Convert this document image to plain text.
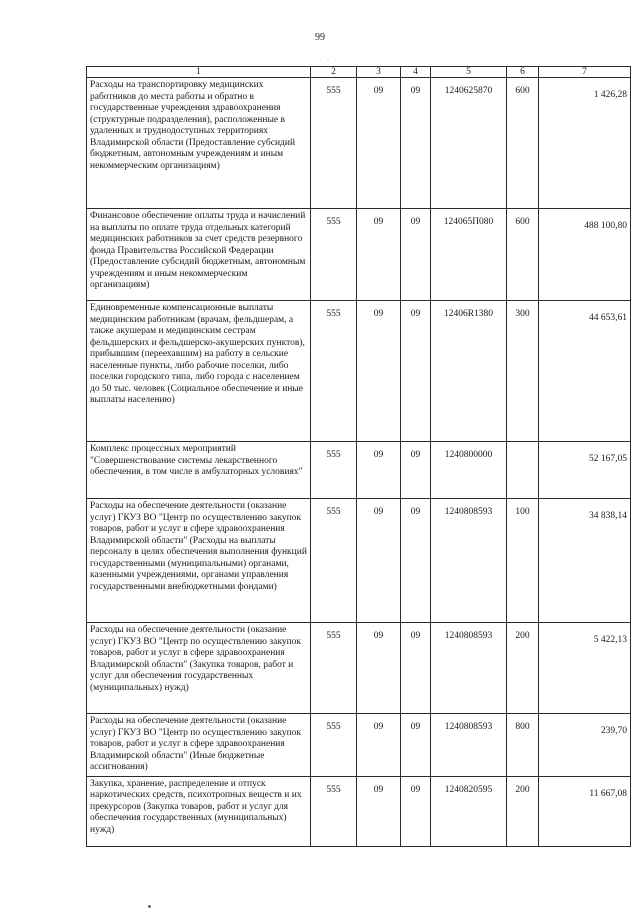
99
· · · · ·
1	2	3	4	5	6	7
Расходы на транспортировку медицинских работников до места работы и обратно в государственные учреждения здравоохранения (структурные подразделения), расположенные в удаленных и труднодоступных территориях Владимирской области (Предоставление субсидий бюджетным, автономным учреждениям и иным некоммерческим организациям)	555	09	09	1240625870	600	1 426,28
Финансовое обеспечение оплаты труда и начислений на выплаты по оплате труда отдельных категорий медицинских работников за счет средств резервного фонда Правительства Российской Федерации (Предоставление субсидий бюджетным, автономным учреждениям и иным некоммерческим организациям)	555	09	09	124065П080	600	488 100,80
Единовременные компенсационные выплаты медицинским работникам (врачам, фельдшерам, а также акушерам и медицинским сестрам фельдшерских и фельдшерско-акушерских пунктов), прибывшим (переехавшим) на работу в сельские населенные пункты, либо рабочие поселки, либо поселки городского типа, либо города с населением до 50 тыс. человек (Социальное обеспечение и иные выплаты населению)	555	09	09	12406R1380	300	44 653,61
Комплекс процессных мероприятий "Совершенствование системы лекарственного обеспечения, в том числе в амбулаторных условиях"	555	09	09	1240800000		52 167,05
Расходы на обеспечение деятельности (оказание услуг) ГКУЗ ВО "Центр по осуществлению закупок товаров, работ и услуг в сфере здравоохранения Владимирской области" (Расходы на выплаты персоналу в целях обеспечения выполнения функций государственными (муниципальными) органами, казенными учреждениями, органами управления государственными внебюджетными фондами)	555	09	09	1240808593	100	34 838,14
Расходы на обеспечение деятельности (оказание услуг) ГКУЗ ВО "Центр по осуществлению закупок товаров, работ и услуг в сфере здравоохранения Владимирской области" (Закупка товаров, работ и услуг для обеспечения государственных (муниципальных) нужд)	555	09	09	1240808593	200	5 422,13
Расходы на обеспечение деятельности (оказание услуг) ГКУЗ ВО "Центр по осуществлению закупок товаров, работ и услуг в сфере здравоохранения Владимирской области" (Иные бюджетные ассигнования)	555	09	09	1240808593	800	239,70
Закупка, хранение, распределение и отпуск наркотических средств, психотропных веществ и их прекурсоров (Закупка товаров, работ и услуг для обеспечения государственных (муниципальных) нужд)	555	09	09	1240820595	200	11 667,08
